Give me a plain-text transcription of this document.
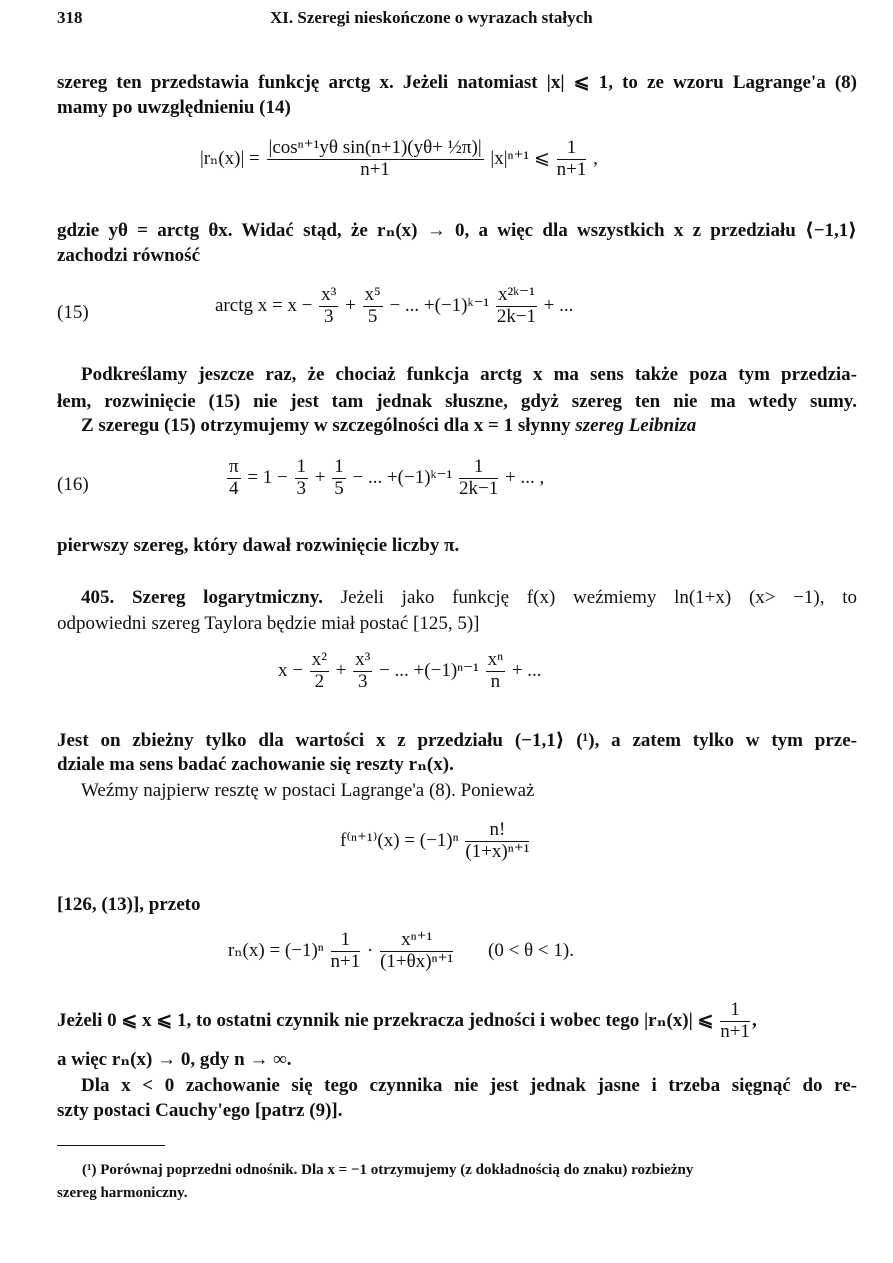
318	XI. Szeregi nieskończone o wyrazach stałych
szereg ten przedstawia funkcję arctg x. Jeżeli natomiast |x| ⩽ 1, to ze wzoru Lagrange'a (8)
mamy po uwzględnieniu (14)
$|r_n(x)| = \frac{\text{|cosⁿ⁺¹yθ sin(n+1)(yθ+ ½π)|}}{n+1} |x|^{n+1}$ ⩽ $\frac{1}{n+1}$ ,
gdzie yθ = arctg θx. Widać stąd, że rₙ(x) → 0, a więc dla wszystkich x z przedziału ⟨−1,1⟩
zachodzi równość
(15)	arctg $x = x - \frac{\text{x³}}{3} + \frac{\text{x⁵}}{5}$ − ... +(−1)ᵏ⁻¹ $\frac{\text{x²ᵏ⁻¹}}{2k-1}$ + ...
Podkreślamy jeszcze raz, że chociaż funkcja arctg x ma sens także poza tym przedzia-
łem, rozwinięcie (15) nie jest tam jednak słuszne, gdyż szereg ten nie ma wtedy sumy.
Z szeregu (15) otrzymujemy w szczególności dla x = 1 słynny szereg Leibniza
(16)	$\frac{\pi}{4} = 1 - \frac{1}{3} + \frac{1}{5}$ − ... +(−1)ᵏ⁻¹ $\frac{1}{2k-1}$ + ... ,
pierwszy szereg, który dawał rozwinięcie liczby π.
405. Szereg logarytmiczny. Jeżeli jako funkcję f(x) weźmiemy ln(1+x) (x> −1), to
odpowiedni szereg Taylora będzie miał postać [125, 5)]
$x - \frac{\text{x²}}{2} + \frac{\text{x³}}{3}$ − ... $+(-1)^{n-1} \frac{\text{xⁿ}}{n}$ + ...
Jest on zbieżny tylko dla wartości x z przedziału (−1,1⟩ (¹), a zatem tylko w tym prze-
dziale ma sens badać zachowanie się reszty rₙ(x).
Weźmy najpierw resztę w postaci Lagrange'a (8). Ponieważ
$f^{(n+1)}(x) = (-1)^n \frac{n!}{\text{(1+x)ⁿ⁺¹}}$
[126, (13)], przeto
$r_n(x) = (-1)^n \frac{1}{n+1} \cdot \frac{\text{xⁿ⁺¹}}{\text{(1+θx)ⁿ⁺¹}} (0 < \theta < 1)$.
Jeżeli 0 ⩽ x ⩽ 1, to ostatni czynnik nie przekracza jedności i wobec tego |rₙ(x)| ⩽ $\frac{1}{n+1}$ ,
a więc rₙ(x) → 0, gdy n → ∞.
Dla x < 0 zachowanie się tego czynnika nie jest jednak jasne i trzeba sięgnąć do re-
szty postaci Cauchy'ego [patrz (9)].
(¹) Porównaj poprzedni odnośnik. Dla x = −1 otrzymujemy (z dokładnością do znaku) rozbieżny
szereg harmoniczny.
